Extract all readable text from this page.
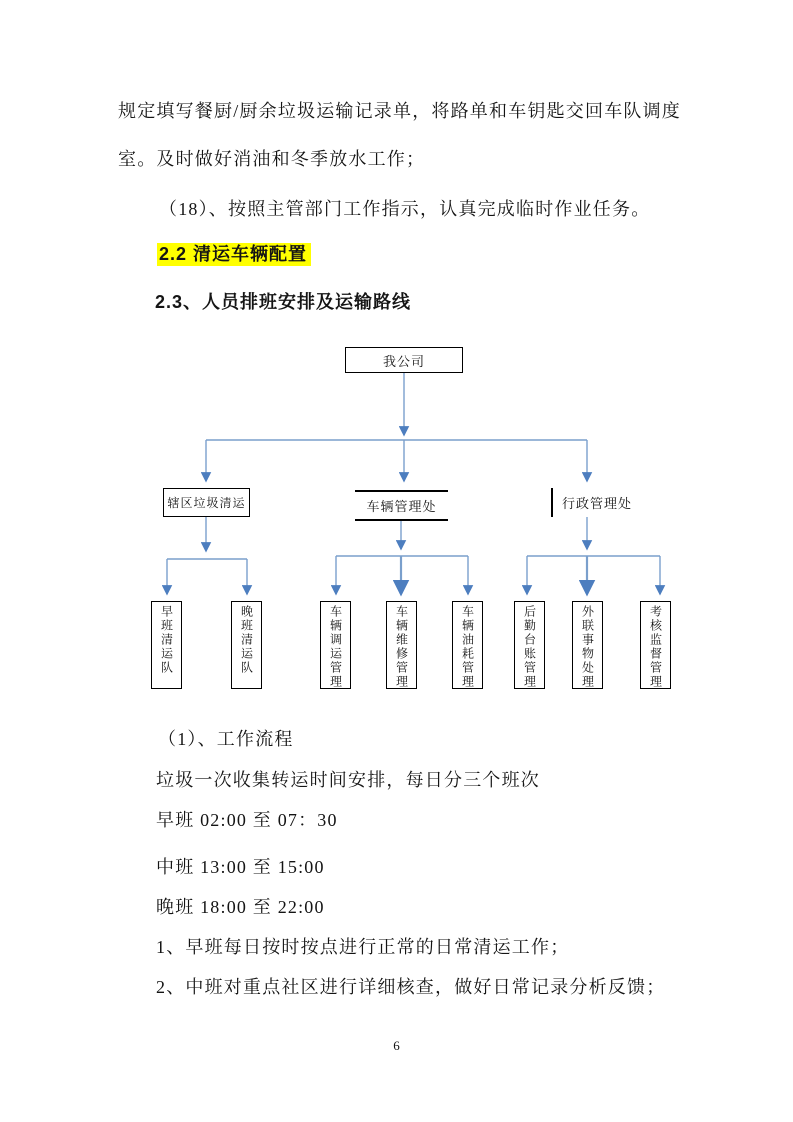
规定填写餐厨/厨余垃圾运输记录单，将路单和车钥匙交回车队调度
室。及时做好消油和冬季放水工作；
（18）、按照主管部门工作指示，认真完成临时作业任务。
2.2 清运车辆配置
2.3、人员排班安排及运输路线
我公司
辖区垃圾清运	车辆管理处	行政管理处
早班清运队	晚班清运队	车辆调运管理	车辆维修管理	车辆油耗管理	后勤台账管理	外联事物处理	考核监督管理
（1）、工作流程
垃圾一次收集转运时间安排，每日分三个班次
早班 02:00 至 07：30
中班 13:00 至 15:00
晚班 18:00 至 22:00
1、早班每日按时按点进行正常的日常清运工作；
2、中班对重点社区进行详细核查，做好日常记录分析反馈；
6
